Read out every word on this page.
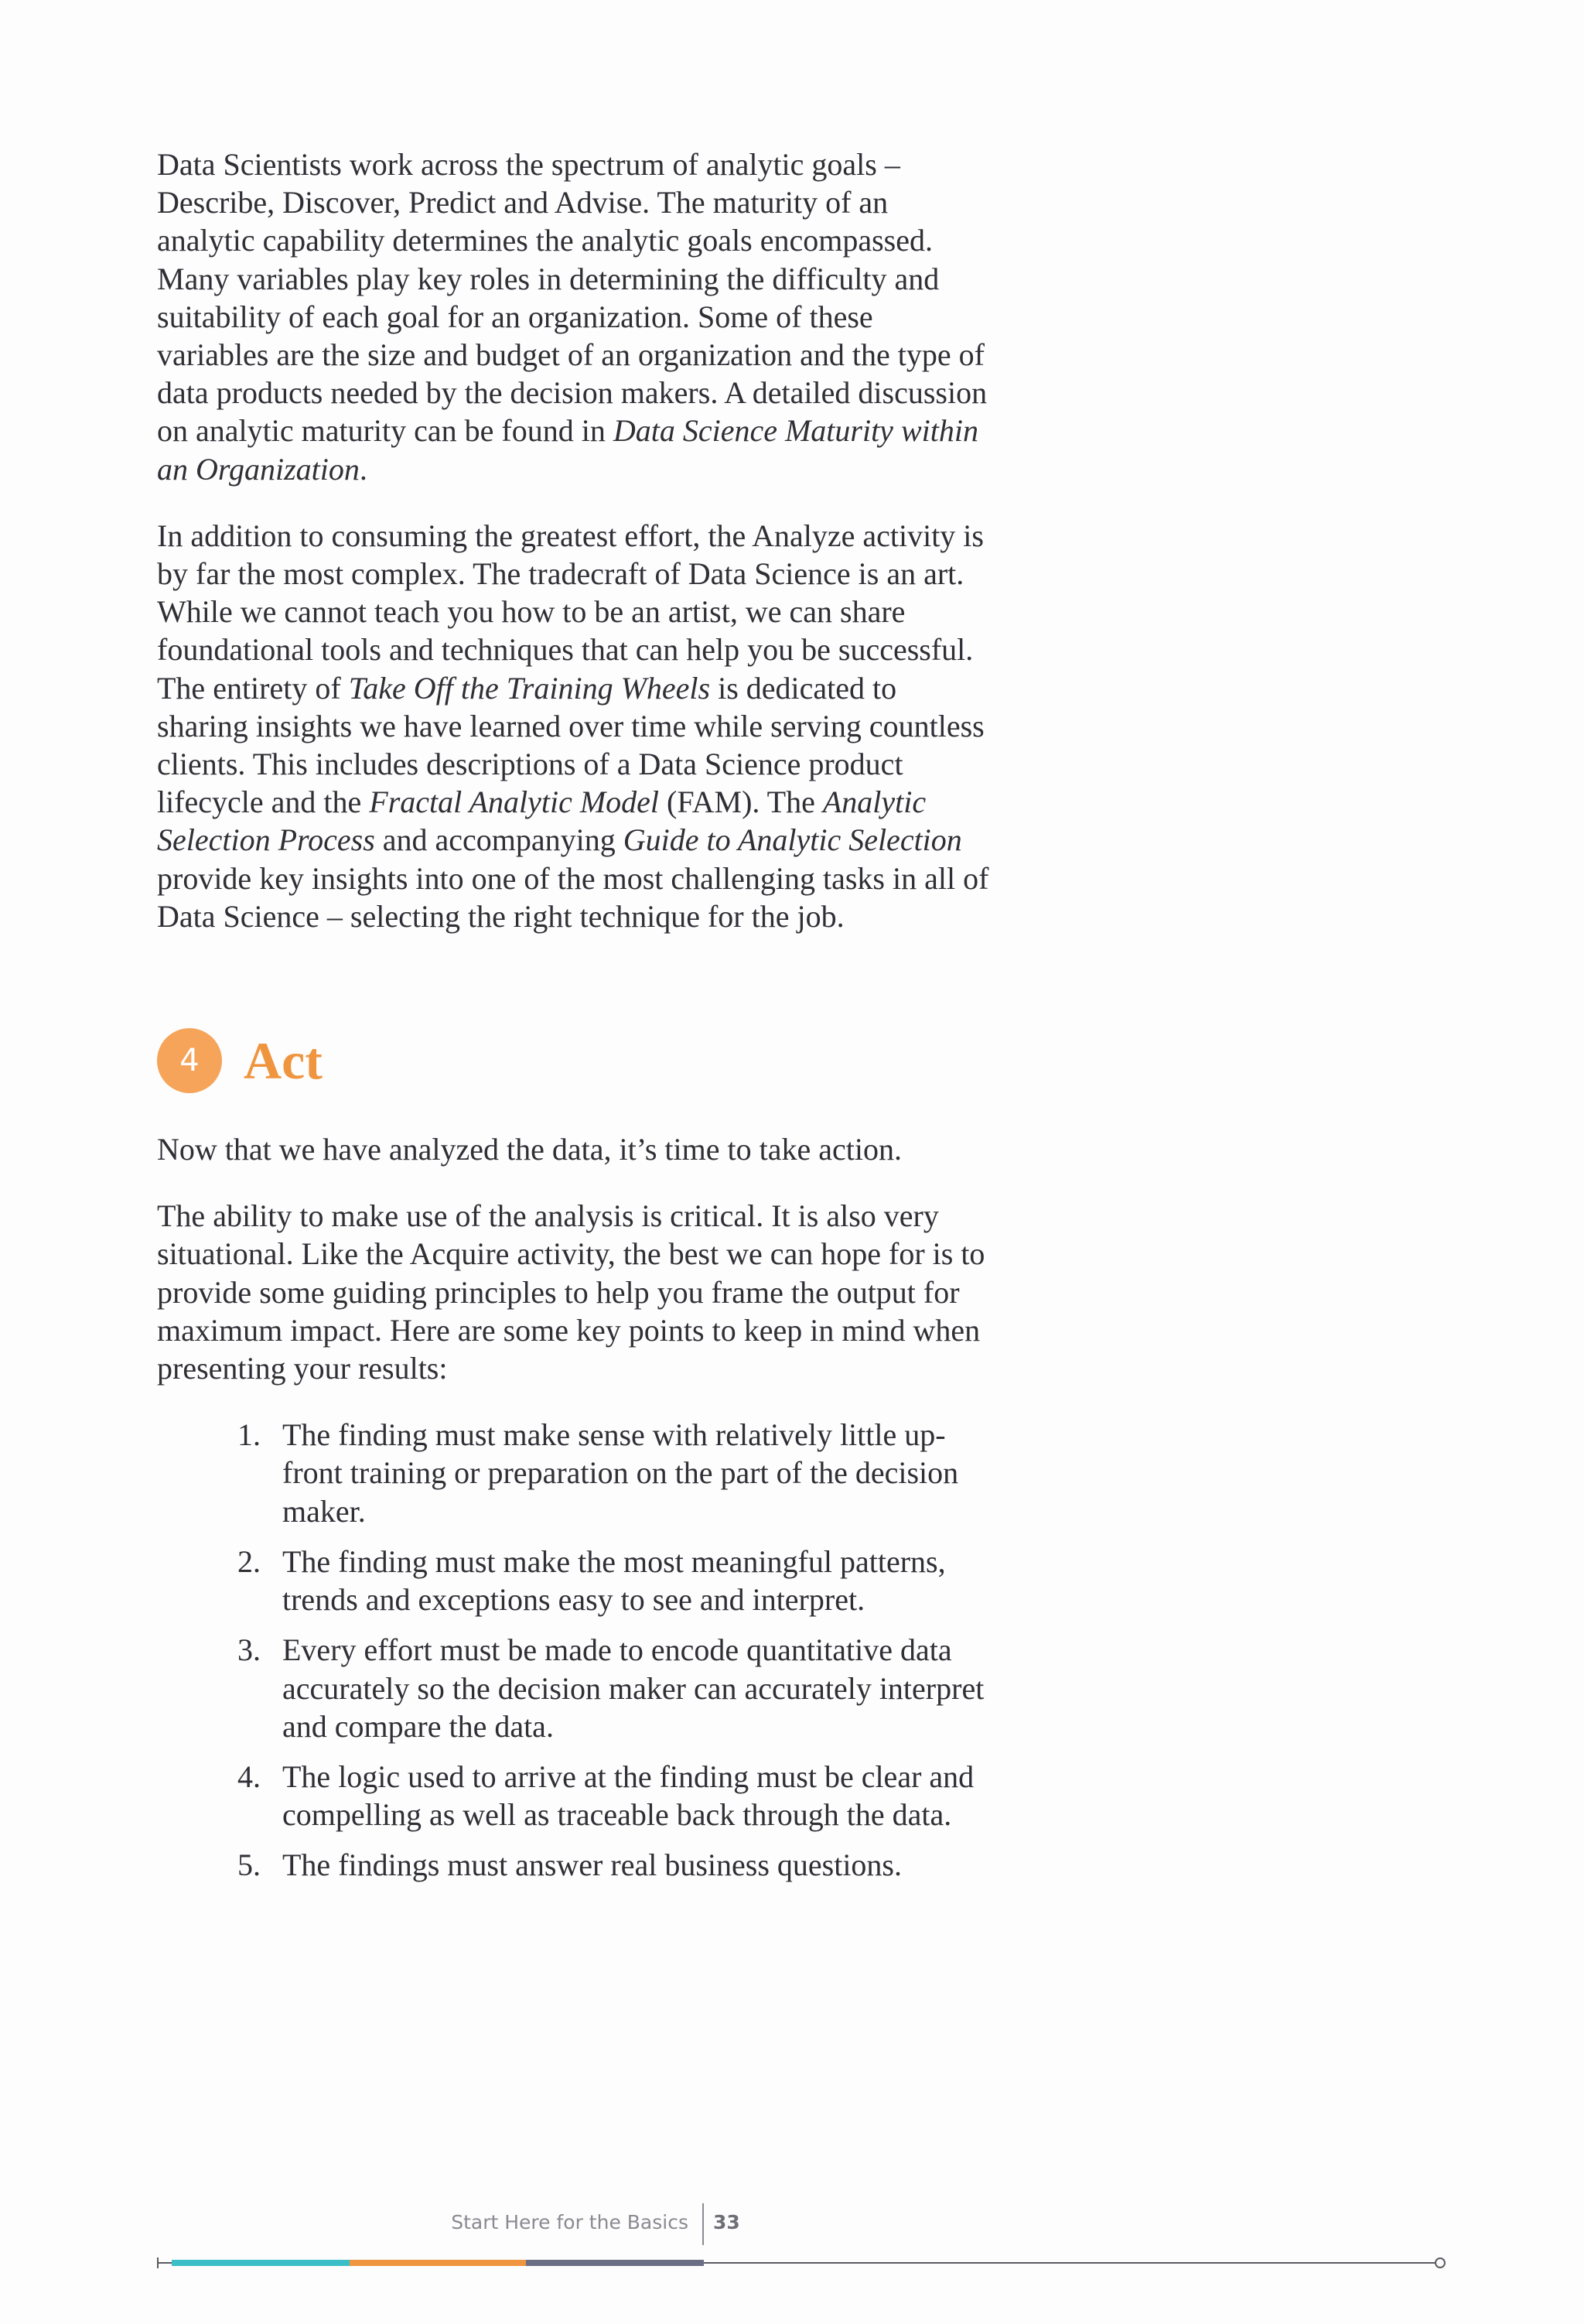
Data Scientists work across the spectrum of analytic goals – Describe, Discover, Predict and Advise. The maturity of an analytic capability determines the analytic goals encompassed. Many variables play key roles in determining the difficulty and suitability of each goal for an organization. Some of these variables are the size and budget of an organization and the type of data products needed by the decision makers. A detailed discussion on analytic maturity can be found in Data Science Maturity within an Organization.

In addition to consuming the greatest effort, the Analyze activity is by far the most complex. The tradecraft of Data Science is an art. While we cannot teach you how to be an artist, we can share foundational tools and techniques that can help you be successful. The entirety of Take Off the Training Wheels is dedicated to sharing insights we have learned over time while serving countless clients. This includes descriptions of a Data Science product lifecycle and the Fractal Analytic Model (FAM). The Analytic Selection Process and accompanying Guide to Analytic Selection provide key insights into one of the most challenging tasks in all of Data Science – selecting the right technique for the job.

4 Act

Now that we have analyzed the data, it’s time to take action.

The ability to make use of the analysis is critical. It is also very situational. Like the Acquire activity, the best we can hope for is to provide some guiding principles to help you frame the output for maximum impact. Here are some key points to keep in mind when presenting your results:

1. The finding must make sense with relatively little up-front training or preparation on the part of the decision maker.
2. The finding must make the most meaningful patterns, trends and exceptions easy to see and interpret.
3. Every effort must be made to encode quantitative data accurately so the decision maker can accurately interpret and compare the data.
4. The logic used to arrive at the finding must be clear and compelling as well as traceable back through the data.
5. The findings must answer real business questions.
Start Here for the Basics 33
